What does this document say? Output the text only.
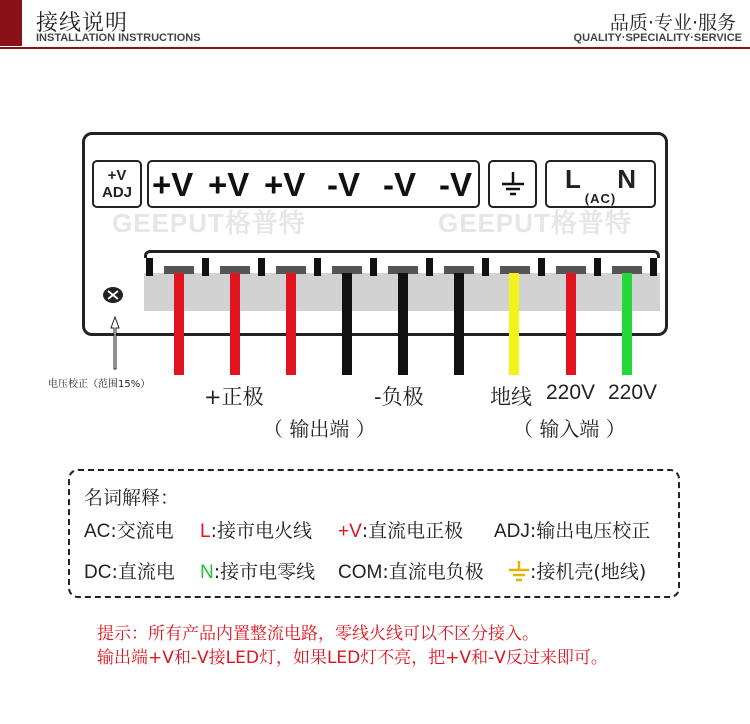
接线说明
INSTALLATION INSTRUCTIONS
品质·专业·服务
QUALITY·SPECIALITY·SERVICE
+V
ADJ +V +V +V -V -V -V	L N
(AC)
GEEPUT格普特	GEEPUT格普特
电压校正（范围15%）
+正极	-负极
（ 输出端 ）
地线 220V 220V
（ 输入端 ）
名词解释：
AC:交流电 L:接市电火线 +V:直流电正极 ADJ:输出电压校正
DC:直流电 N:接市电零线 COM:直流电负极	:接机壳(地线)
提示：所有产品内置整流电路，零线火线可以不区分接入。
输出端+V和-V接LED灯，如果LED灯不亮，把+V和-V反过来即可。
